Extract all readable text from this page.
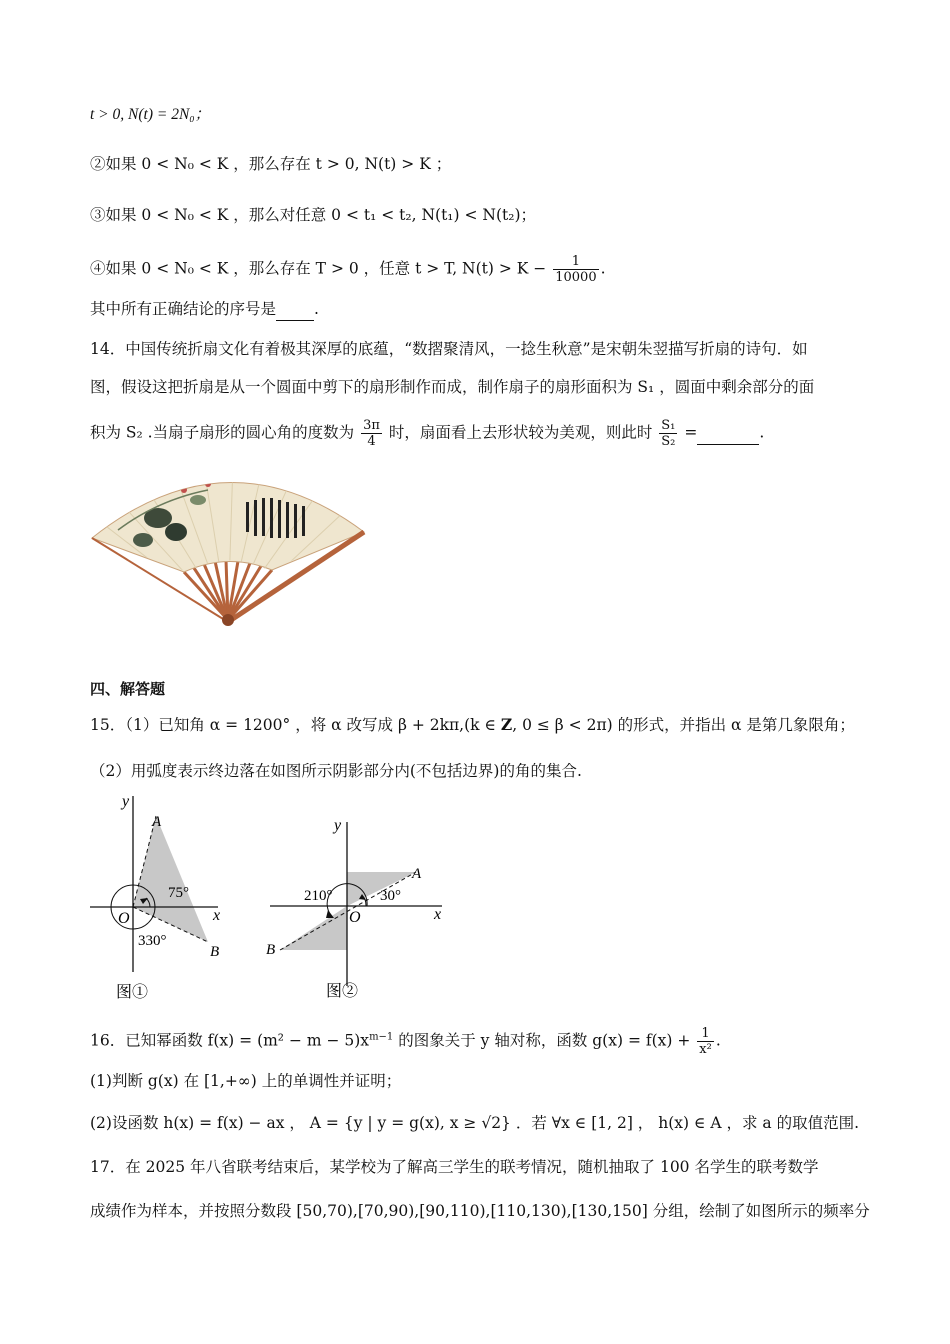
t > 0, N(t) = 2N₀；
②如果 0 < N₀ < K ，那么存在 t > 0, N(t) > K ；
③如果 0 < N₀ < K ，那么对任意 0 < t₁ < t₂, N(t₁) < N(t₂)；
④如果 0 < N₀ < K ，那么存在 T > 0 ，任意 t > T, $N(t) > K - \frac{1}{10000}$ .
其中所有正确结论的序号是 .
14．中国传统折扇文化有着极其深厚的底蕴，“数摺聚清风，一捻生秋意”是宋朝朱翌描写折扇的诗句．如
图，假设这把折扇是从一个圆面中剪下的扇形制作而成，制作扇子的扇形面积为 S₁ ，圆面中剩余部分的面
积为 S₂ .当扇子扇形的圆心角的度数为 $\frac{3\pi}{4}$ 时，扇面看上去形状较为美观，则此时 $\frac{\text{S₁}}{\text{S₂}}$ =	.
四、解答题
15．（1）已知角 α = 1200° ，将 α 改写成 β + 2kπ,(k ∈ Z, 0 ≤ β < 2π) 的形式，并指出 α 是第几象限角；
（2）用弧度表示终边落在如图所示阴影部分内(不包括边界)的角的集合.
x
y
O
A
B
75°
330°
图①
x
y
O
A
B
210°	30°
图②
16．已知幂函数 $f(x) = (m^2 - m - 5)x^{m-1}$ 的图象关于 y 轴对称，函数 $g(x) = f(x) + \frac{1}{\text{x²}}$ .
(1)判断 g(x) 在 [1,+∞) 上的单调性并证明；
(2)设函数 h(x) = f(x) − ax ， A = {y | y = g(x), x ≥ √2} ．若 ∀x ∈ [1, 2] ， h(x) ∈ A ，求 a 的取值范围.
17．在 2025 年八省联考结束后，某学校为了解高三学生的联考情况，随机抽取了 100 名学生的联考数学
成绩作为样本，并按照分数段 [50,70),[70,90),[90,110),[110,130),[130,150] 分组，绘制了如图所示的频率分
